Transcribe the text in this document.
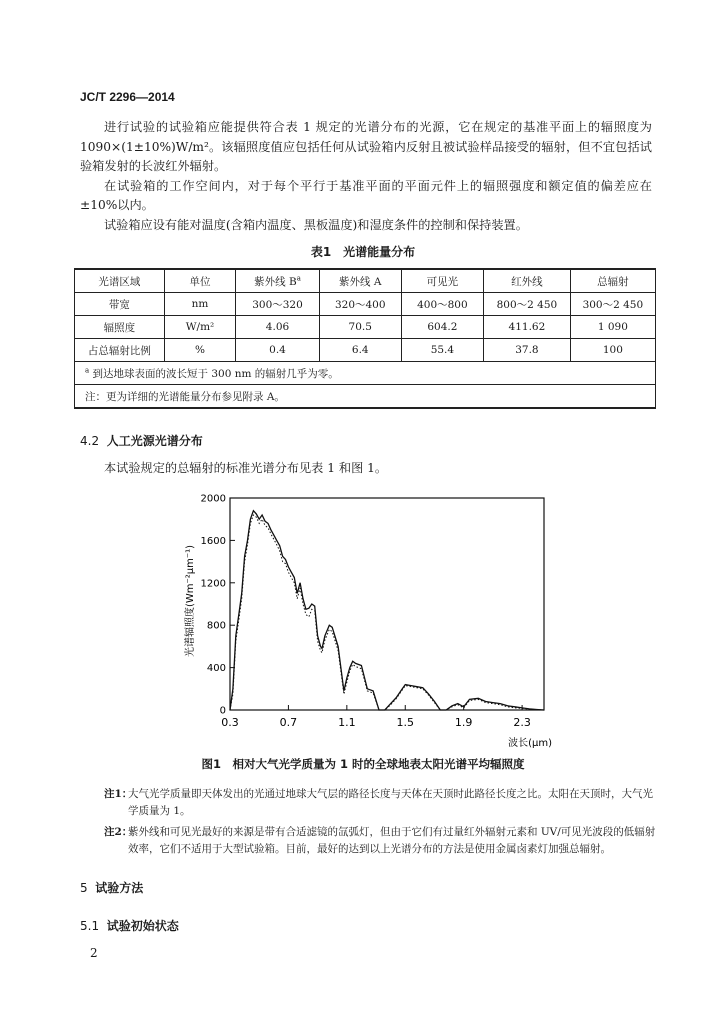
JC/T 2296—2014

进行试验的试验箱应能提供符合表 1 规定的光谱分布的光源，它在规定的基准平面上的辐照度为1090×(1±10%)W/m²。该辐照度值应包括任何从试验箱内反射且被试验样品接受的辐射，但不宜包括试验箱发射的长波红外辐射。

在试验箱的工作空间内，对于每个平行于基准平面的平面元件上的辐照强度和额定值的偏差应在±10%以内。

试验箱应设有能对温度(含箱内温度、黑板温度)和湿度条件的控制和保持装置。

表1　光谱能量分布
光谱区域	单位	紫外线 $B^a$	紫外线 A	可见光	红外线	总辐射
带宽	nm	300～320	320～400	400～800	800～2 450	300～2 450
辐照度	W/m²	4.06	70.5	604.2	411.62	1 090
占总辐射比例	%	0.4	6.4	55.4	37.8	100
$^a$ 到达地球表面的波长短于 300 nm 的辐射几乎为零。						
注：更为详细的光谱能量分布参见附录 A。						
4.2 人工光源光谱分布

本试验规定的总辐射的标准光谱分布见表 1 和图 1。

光谱辐照度(Wm⁻²μm⁻¹)
0
400
800
1200
1600
2000
0.3	0.7	1.1	1.5	1.9	2.3
波长(μm)
图1　相对大气光学质量为 1 时的全球地表太阳光谱平均辐照度
注1：
大气光学质量即天体发出的光通过地球大气层的路径长度与天体在天顶时此路径长度之比。太阳在天顶时，大气光学质量为 1。
注2：
紫外线和可见光最好的来源是带有合适滤镜的氙弧灯，但由于它们有过量红外辐射元素和 UV/可见光波段的低辐射效率，它们不适用于大型试验箱。目前，最好的达到以上光谱分布的方法是使用金属卤素灯加强总辐射。
5 试验方法
5.1 试验初始状态
2
